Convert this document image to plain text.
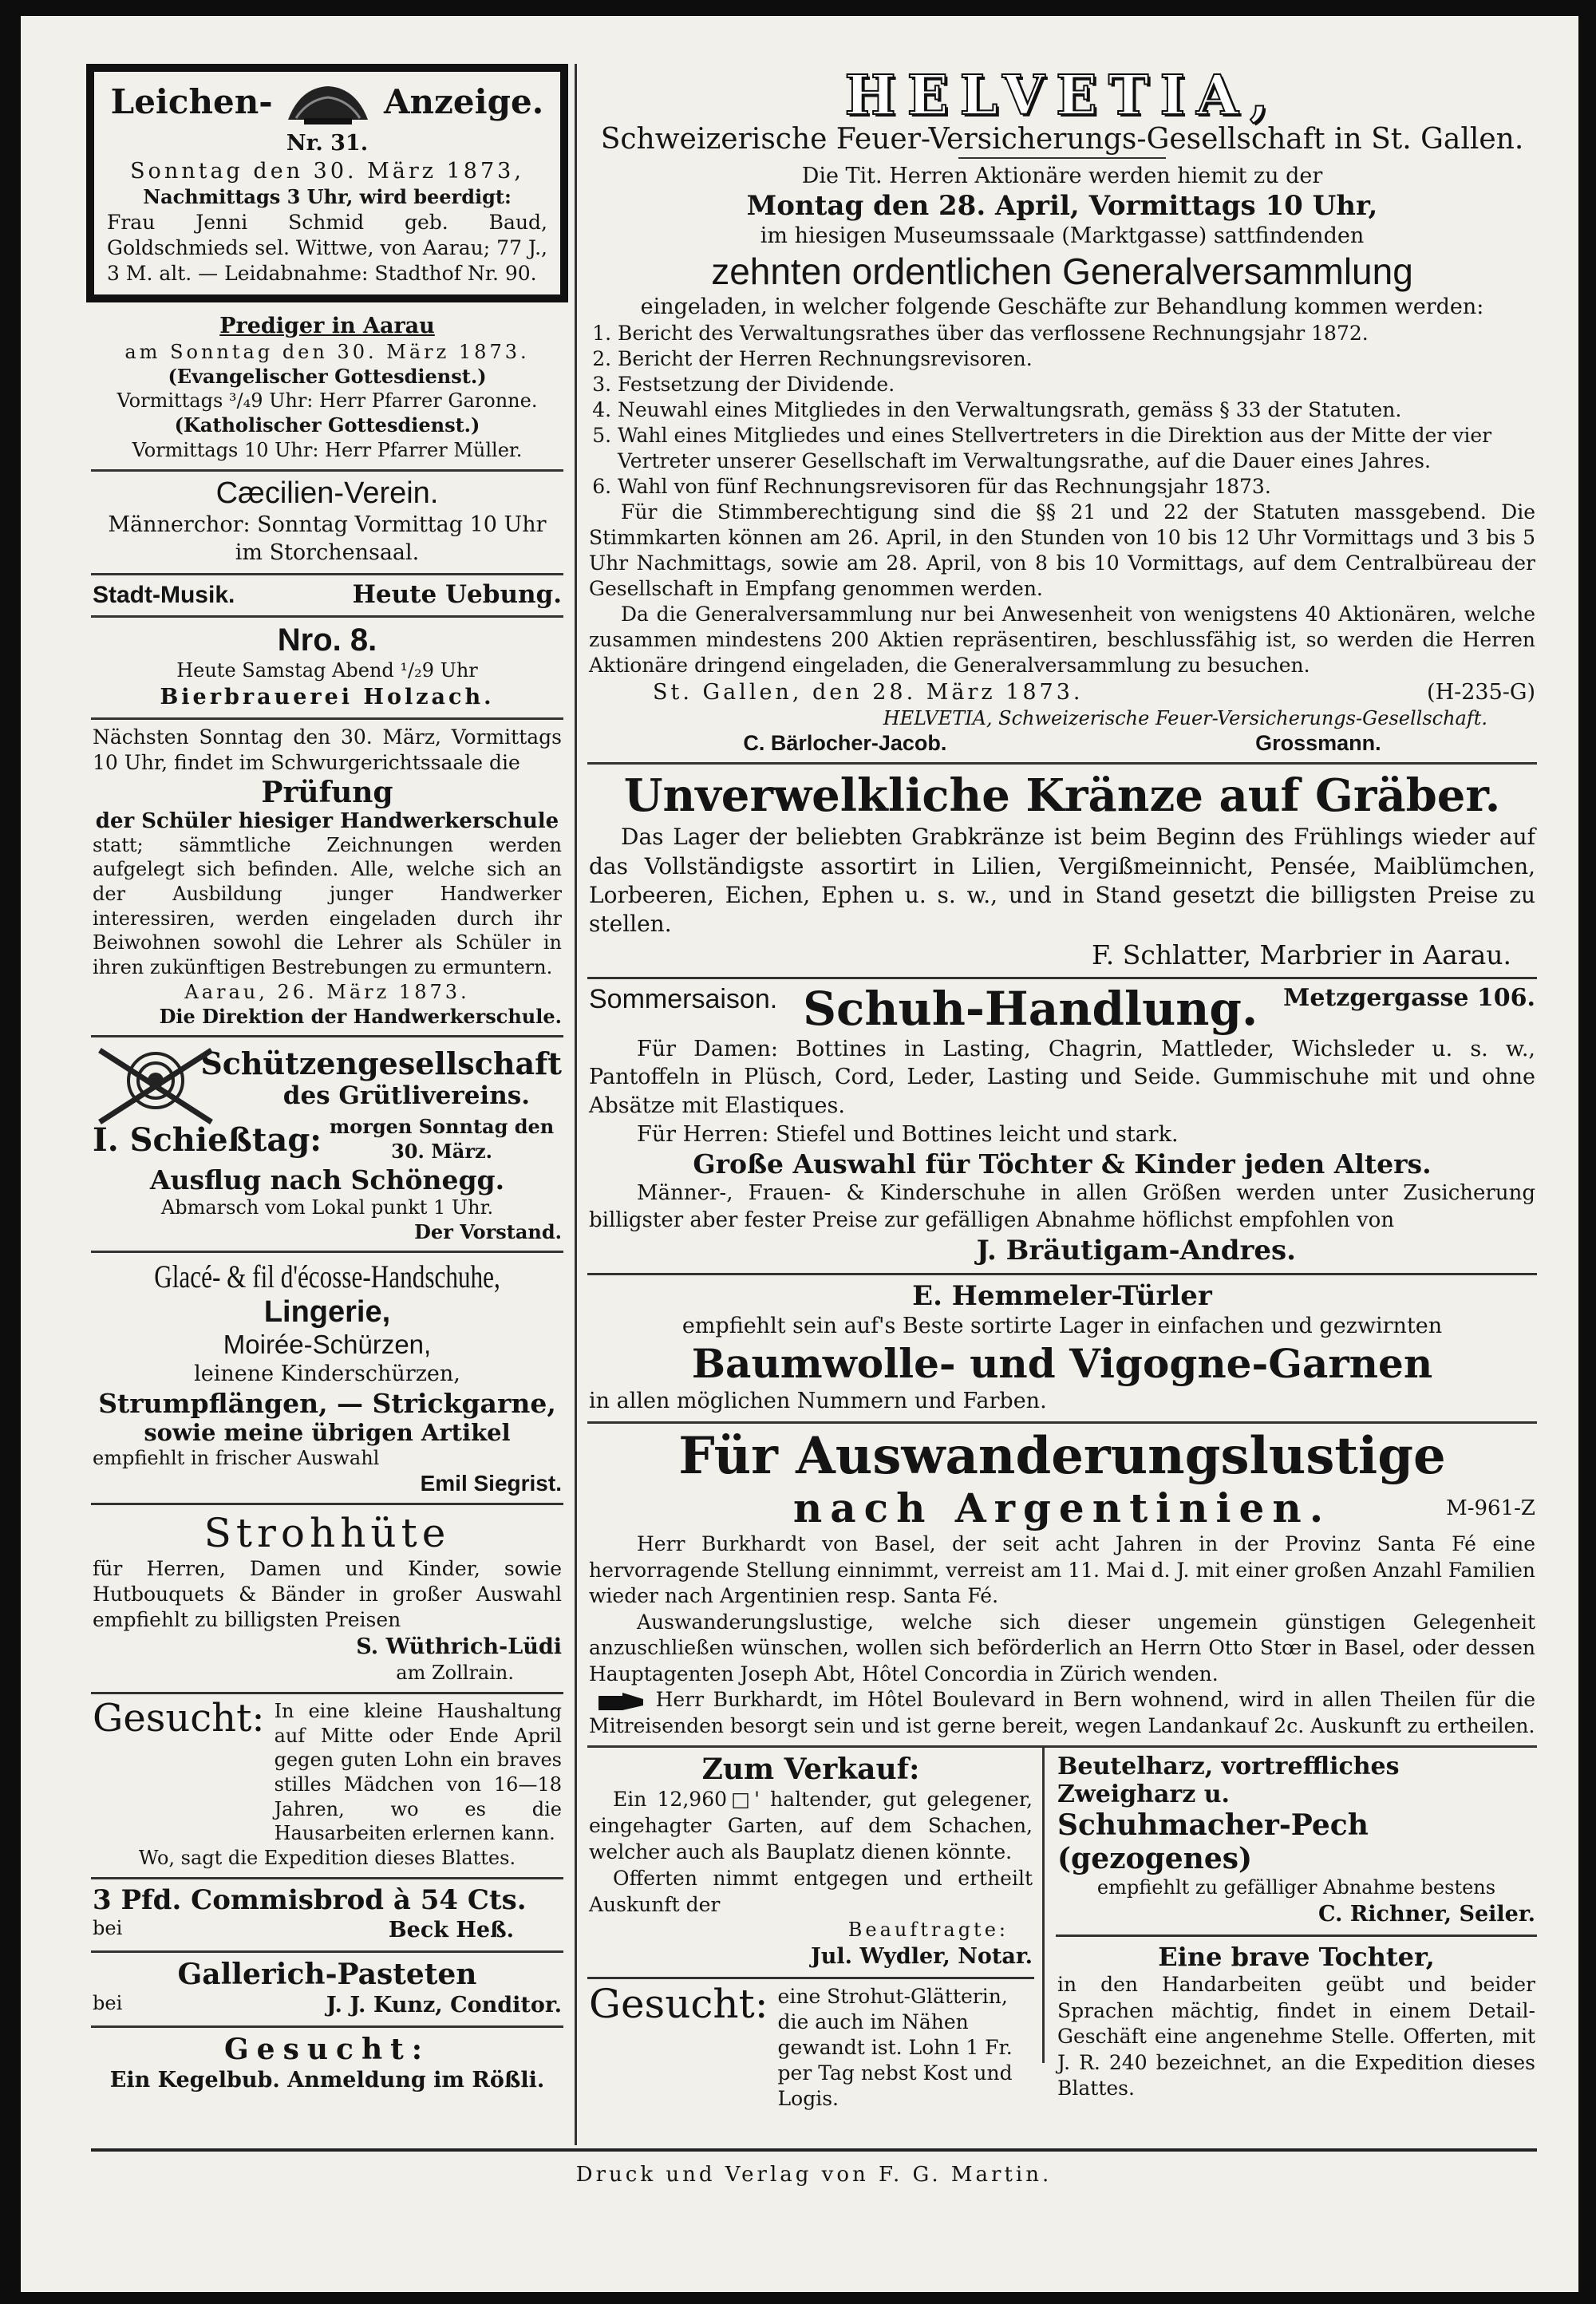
Leichen-	Anzeige.
Nr. 31.
Sonntag den 30. März 1873,
Nachmittags 3 Uhr, wird beerdigt:
Frau Jenni Schmid geb. Baud, Goldschmieds sel. Wittwe, von Aarau; 77 J., 3 M. alt. — Leidabnahme: Stadthof Nr. 90.
Prediger in Aarau
am Sonntag den 30. März 1873.
(Evangelischer Gottesdienst.)
Vormittags ³/₄9 Uhr: Herr Pfarrer Garonne.
(Katholischer Gottesdienst.)
Vormittags 10 Uhr: Herr Pfarrer Müller.
Cæcilien-Verein.
Männerchor: Sonntag Vormittag 10 Uhr im Storchensaal.
Stadt-Musik.	Heute Uebung.
Nro. 8.
Heute Samstag Abend ¹/₂9 Uhr
Bierbrauerei Holzach.
Nächsten Sonntag den 30. März, Vormittags 10 Uhr, findet im Schwurgerichtssaale die
Prüfung
der Schüler hiesiger Handwerkerschule
statt; sämmtliche Zeichnungen werden aufgelegt sich befinden. Alle, welche sich an der Ausbildung junger Handwerker interessiren, werden eingeladen durch ihr Beiwohnen sowohl die Lehrer als Schüler in ihren zukünftigen Bestrebungen zu ermuntern.
Aarau, 26. März 1873.
Die Direktion der Handwerkerschule.
Schützengesellschaft
des Grütlivereins.
I. Schießtag: morgen Sonntag den 30. März.
Ausflug nach Schönegg.
Abmarsch vom Lokal punkt 1 Uhr.
Der Vorstand.
Glacé- & fil d'écosse-Handschuhe,
Lingerie,
Moirée-Schürzen,
leinene Kinderschürzen,
Strumpflängen, — Strickgarne,
sowie meine übrigen Artikel
empfiehlt in frischer Auswahl
Emil Siegrist.
Strohhüte
für Herren, Damen und Kinder, sowie Hutbouquets & Bänder in großer Auswahl empfiehlt zu billigsten Preisen
S. Wüthrich-Lüdi
am Zollrain.
Gesucht: In eine kleine Haushaltung auf Mitte oder Ende April gegen guten Lohn ein braves stilles Mädchen von 16—18 Jahren, wo es die Hausarbeiten erlernen kann.
Wo, sagt die Expedition dieses Blattes.
3 Pfd. Commisbrod à 54 Cts.
bei	Beck Heß.
Gallerich-Pasteten
bei	J. J. Kunz, Conditor.
Gesucht:
Ein Kegelbub. Anmeldung im Rößli.
HELVETIA,
Schweizerische Feuer-Versicherungs-Gesellschaft in St. Gallen.
Die Tit. Herren Aktionäre werden hiemit zu der
Montag den 28. April, Vormittags 10 Uhr,
im hiesigen Museumssaale (Marktgasse) sattfindenden
zehnten ordentlichen Generalversammlung
eingeladen, in welcher folgende Geschäfte zur Behandlung kommen werden:
1. Bericht des Verwaltungsrathes über das verflossene Rechnungsjahr 1872.
2. Bericht der Herren Rechnungsrevisoren.
3. Festsetzung der Dividende.
4. Neuwahl eines Mitgliedes in den Verwaltungsrath, gemäss § 33 der Statuten.
5. Wahl eines Mitgliedes und eines Stellvertreters in die Direktion aus der Mitte der vier Vertreter unserer Gesellschaft im Verwaltungsrathe, auf die Dauer eines Jahres.
6. Wahl von fünf Rechnungsrevisoren für das Rechnungsjahr 1873.
Für die Stimmberechtigung sind die §§ 21 und 22 der Statuten massgebend. Die Stimmkarten können am 26. April, in den Stunden von 10 bis 12 Uhr Vormittags und 3 bis 5 Uhr Nachmittags, sowie am 28. April, von 8 bis 10 Vormittags, auf dem Centralbüreau der Gesellschaft in Empfang genommen werden.
Da die Generalversammlung nur bei Anwesenheit von wenigstens 40 Aktionären, welche zusammen mindestens 200 Aktien repräsentiren, beschlussfähig ist, so werden die Herren Aktionäre dringend eingeladen, die Generalversammlung zu besuchen.
St. Gallen, den 28. März 1873.	(H-235-G)
HELVETIA, Schweizerische Feuer-Versicherungs-Gesellschaft.
C. Bärlocher-Jacob.	Grossmann.
Unverwelkliche Kränze auf Gräber.
Das Lager der beliebten Grabkränze ist beim Beginn des Frühlings wieder auf das Vollständigste assortirt in Lilien, Vergißmeinnicht, Pensée, Maiblümchen, Lorbeeren, Eichen, Ephen u. s. w., und in Stand gesetzt die billigsten Preise zu stellen.
F. Schlatter, Marbrier in Aarau.
Sommersaison. Schuh-Handlung. Metzgergasse 106.
Für Damen: Bottines in Lasting, Chagrin, Mattleder, Wichsleder u. s. w., Pantoffeln in Plüsch, Cord, Leder, Lasting und Seide. Gummischuhe mit und ohne Absätze mit Elastiques.
Für Herren: Stiefel und Bottines leicht und stark.
Große Auswahl für Töchter & Kinder jeden Alters.
Männer-, Frauen- & Kinderschuhe in allen Größen werden unter Zusicherung billigster aber fester Preise zur gefälligen Abnahme höflichst empfohlen von
J. Bräutigam-Andres.
E. Hemmeler-Türler
empfiehlt sein auf's Beste sortirte Lager in einfachen und gezwirnten
Baumwolle- und Vigogne-Garnen
in allen möglichen Nummern und Farben.
Für Auswanderungslustige
nach Argentinien.	M-961-Z
Herr Burkhardt von Basel, der seit acht Jahren in der Provinz Santa Fé eine hervorragende Stellung einnimmt, verreist am 11. Mai d. J. mit einer großen Anzahl Familien wieder nach Argentinien resp. Santa Fé.
Auswanderungslustige, welche sich dieser ungemein günstigen Gelegenheit anzuschließen wünschen, wollen sich beförderlich an Herrn Otto Stœr in Basel, oder dessen Hauptagenten Joseph Abt, Hôtel Concordia in Zürich wenden.
Herr Burkhardt, im Hôtel Boulevard in Bern wohnend, wird in allen Theilen für die Mitreisenden besorgt sein und ist gerne bereit, wegen Landankauf 2c. Auskunft zu ertheilen.
Zum Verkauf:
Ein 12,960□' haltender, gut gelegener, eingehagter Garten, auf dem Schachen, welcher auch als Bauplatz dienen könnte.
Offerten nimmt entgegen und ertheilt Auskunft der
Beauftragte:
Jul. Wydler, Notar.
Gesucht: eine Strohut-Glätterin, die auch im Nähen gewandt ist. Lohn 1 Fr. per Tag nebst Kost und Logis.
Beutelharz, vortreffliches Zweigharz u.
Schuhmacher-Pech (gezogenes)
empfiehlt zu gefälliger Abnahme bestens
C. Richner, Seiler.
Eine brave Tochter,
in den Handarbeiten geübt und beider Sprachen mächtig, findet in einem Detail-Geschäft eine angenehme Stelle. Offerten, mit J. R. 240 bezeichnet, an die Expedition dieses Blattes.
Druck und Verlag von F. G. Martin.
